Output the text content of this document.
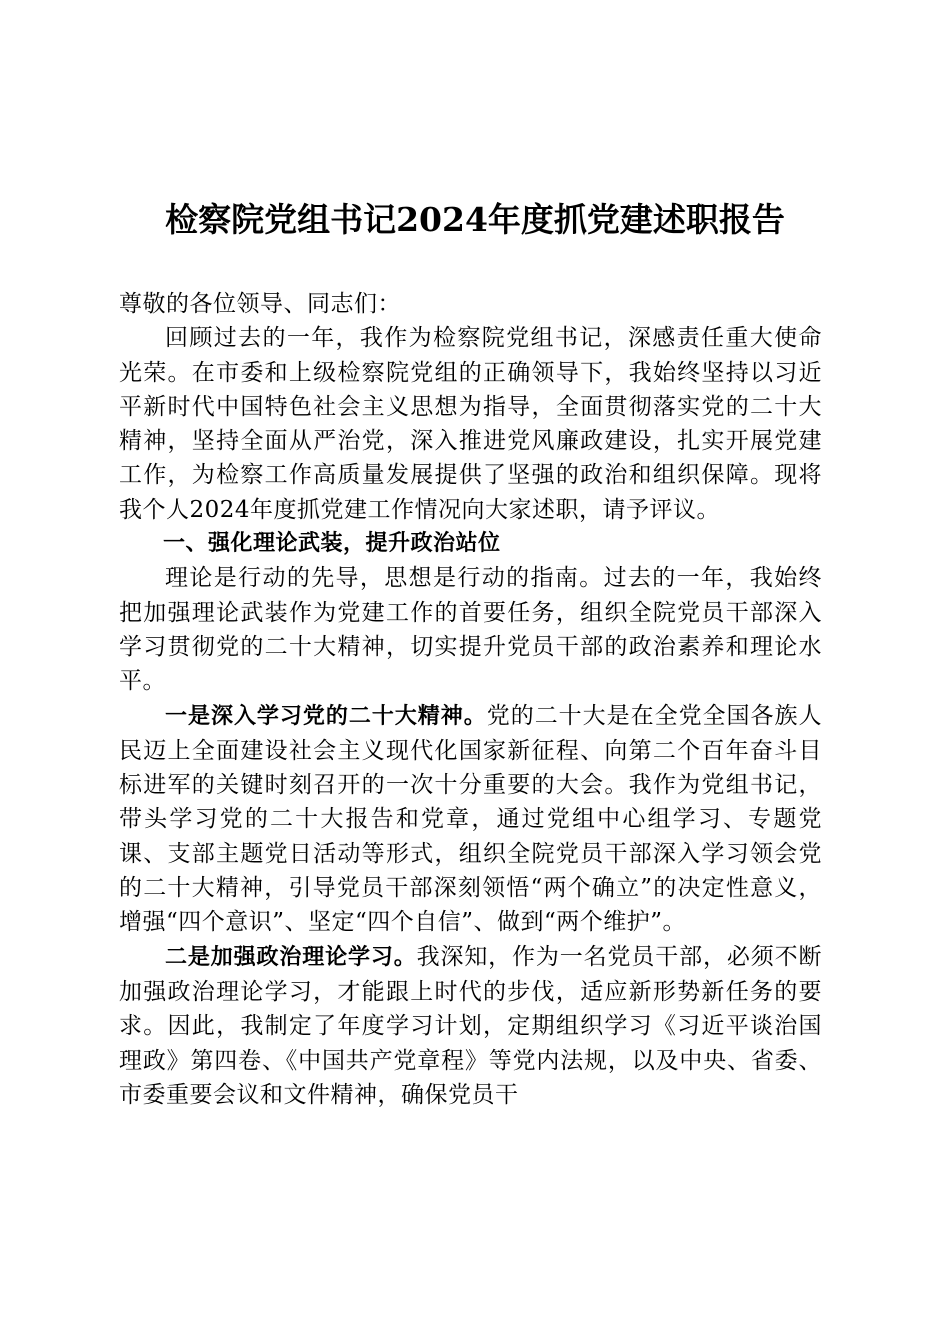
检察院党组书记2024年度抓党建述职报告

尊敬的各位领导、同志们：

回顾过去的一年，我作为检察院党组书记，深感责任重大使命光荣。在市委和上级检察院党组的正确领导下，我始终坚持以习近平新时代中国特色社会主义思想为指导，全面贯彻落实党的二十大精神，坚持全面从严治党，深入推进党风廉政建设，扎实开展党建工作，为检察工作高质量发展提供了坚强的政治和组织保障。现将我个人2024年度抓党建工作情况向大家述职，请予评议。

一、强化理论武装，提升政治站位

理论是行动的先导，思想是行动的指南。过去的一年，我始终把加强理论武装作为党建工作的首要任务，组织全院党员干部深入学习贯彻党的二十大精神，切实提升党员干部的政治素养和理论水平。

一是深入学习党的二十大精神。党的二十大是在全党全国各族人民迈上全面建设社会主义现代化国家新征程、向第二个百年奋斗目标进军的关键时刻召开的一次十分重要的大会。我作为党组书记，带头学习党的二十大报告和党章，通过党组中心组学习、专题党课、支部主题党日活动等形式，组织全院党员干部深入学习领会党的二十大精神，引导党员干部深刻领悟“两个确立”的决定性意义，增强“四个意识”、坚定“四个自信”、做到“两个维护”。

二是加强政治理论学习。我深知，作为一名党员干部，必须不断加强政治理论学习，才能跟上时代的步伐，适应新形势新任务的要求。因此，我制定了年度学习计划，定期组织学习《习近平谈治国理政》第四卷、《中国共产党章程》等党内法规，以及中央、省委、市委重要会议和文件精神，确保党员干
